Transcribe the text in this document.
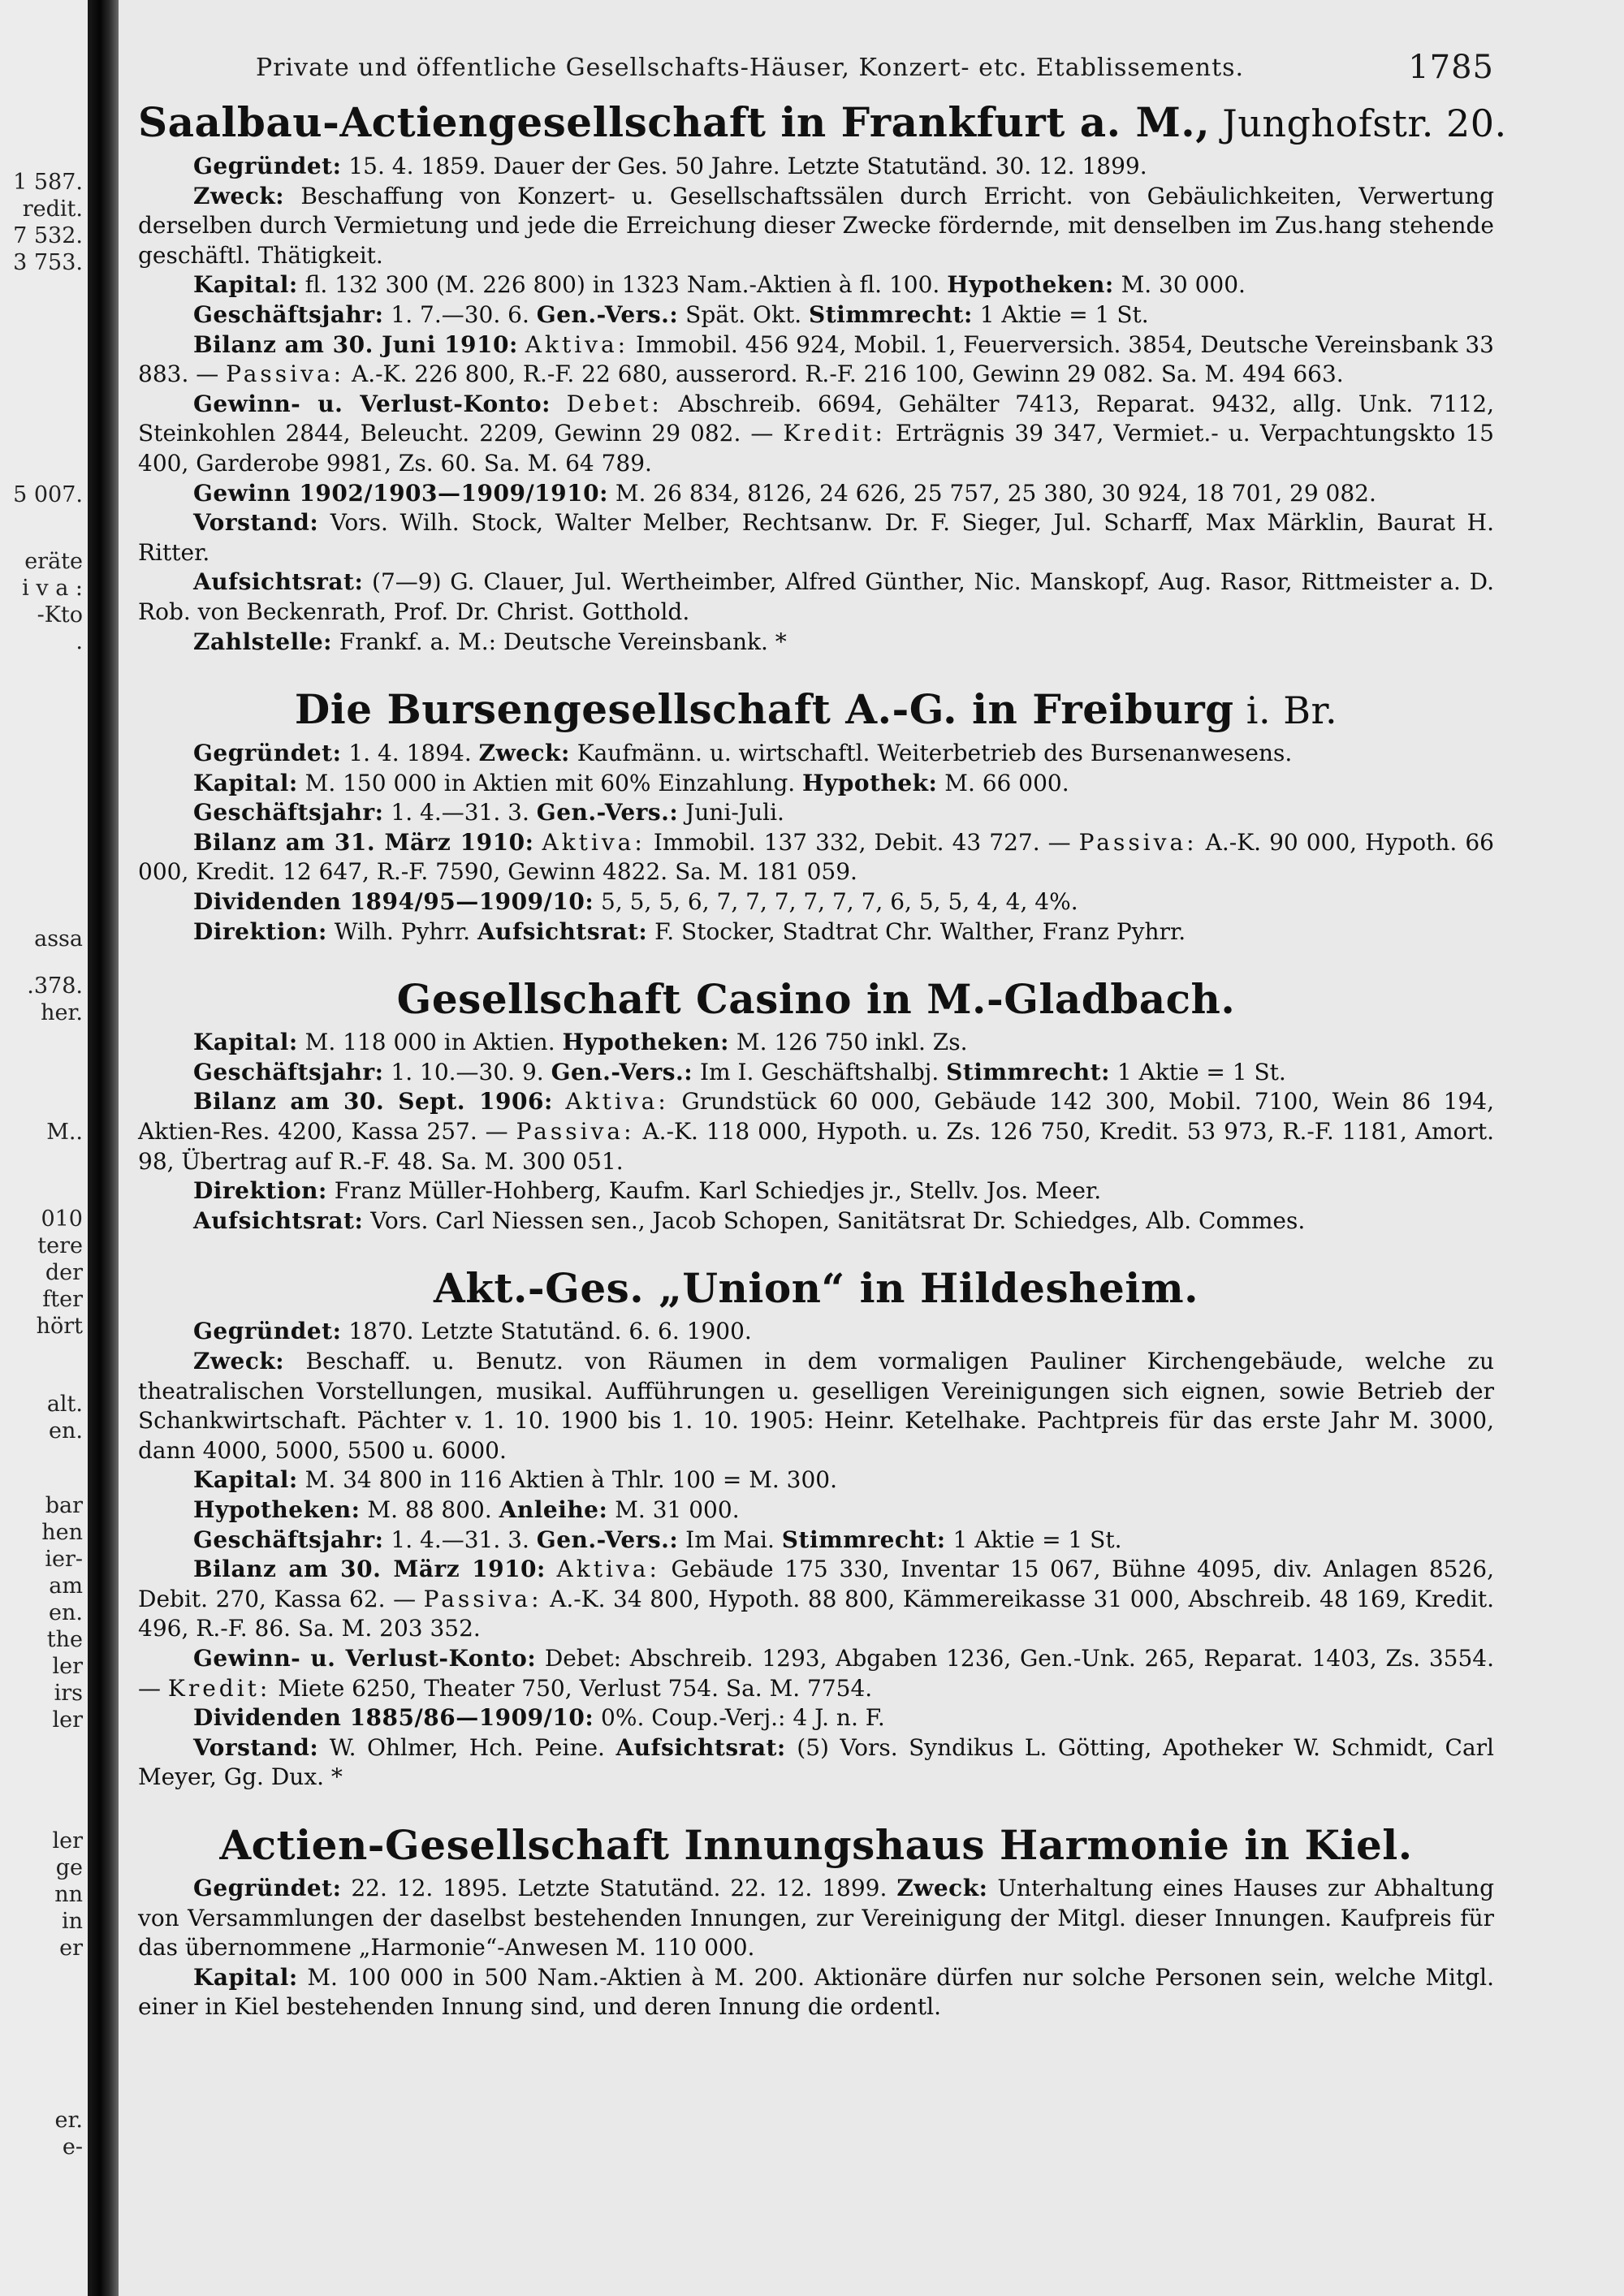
1 587.
redit.
7 532.
3 753.
5 007.
eräte
i v a :
-Kto
.
assa
.378.
her.
M..
010
tere
der
fter
hört
alt.
en.
bar
hen
ier-
am
en.
the
ler
irs
ler
ler
ge
nn
in
er
er.
e-
Private und öffentliche Gesellschafts-Häuser, Konzert- etc. Etablissements.	1785
Saalbau-Actiengesellschaft in Frankfurt a. M., Junghofstr. 20.

Gegründet: 15. 4. 1859. Dauer der Ges. 50 Jahre. Letzte Statutänd. 30. 12. 1899.

Zweck: Beschaffung von Konzert- u. Gesellschaftssälen durch Erricht. von Gebäulichkeiten, Verwertung derselben durch Vermietung und jede die Erreichung dieser Zwecke fördernde, mit denselben im Zus.hang stehende geschäftl. Thätigkeit.

Kapital: fl. 132 300 (M. 226 800) in 1323 Nam.-Aktien à fl. 100. Hypotheken: M. 30 000.

Geschäftsjahr: 1. 7.—30. 6. Gen.-Vers.: Spät. Okt. Stimmrecht: 1 Aktie = 1 St.

Bilanz am 30. Juni 1910: Aktiva: Immobil. 456 924, Mobil. 1, Feuerversich. 3854, Deutsche Vereinsbank 33 883. — Passiva: A.-K. 226 800, R.-F. 22 680, ausserord. R.-F. 216 100, Gewinn 29 082. Sa. M. 494 663.

Gewinn- u. Verlust-Konto: Debet: Abschreib. 6694, Gehälter 7413, Reparat. 9432, allg. Unk. 7112, Steinkohlen 2844, Beleucht. 2209, Gewinn 29 082. — Kredit: Erträgnis 39 347, Vermiet.- u. Verpachtungskto 15 400, Garderobe 9981, Zs. 60. Sa. M. 64 789.

Gewinn 1902/1903—1909/1910: M. 26 834, 8126, 24 626, 25 757, 25 380, 30 924, 18 701, 29 082.

Vorstand: Vors. Wilh. Stock, Walter Melber, Rechtsanw. Dr. F. Sieger, Jul. Scharff, Max Märklin, Baurat H. Ritter.

Aufsichtsrat: (7—9) G. Clauer, Jul. Wertheimber, Alfred Günther, Nic. Manskopf, Aug. Rasor, Rittmeister a. D. Rob. von Beckenrath, Prof. Dr. Christ. Gotthold.

Zahlstelle: Frankf. a. M.: Deutsche Vereinsbank. *

Die Bursengesellschaft A.-G. in Freiburg i. Br.

Gegründet: 1. 4. 1894. Zweck: Kaufmänn. u. wirtschaftl. Weiterbetrieb des Bursenanwesens.

Kapital: M. 150 000 in Aktien mit 60% Einzahlung. Hypothek: M. 66 000.

Geschäftsjahr: 1. 4.—31. 3. Gen.-Vers.: Juni-Juli.

Bilanz am 31. März 1910: Aktiva: Immobil. 137 332, Debit. 43 727. — Passiva: A.-K. 90 000, Hypoth. 66 000, Kredit. 12 647, R.-F. 7590, Gewinn 4822. Sa. M. 181 059.

Dividenden 1894/95—1909/10: 5, 5, 5, 6, 7, 7, 7, 7, 7, 7, 6, 5, 5, 4, 4, 4%.

Direktion: Wilh. Pyhrr. Aufsichtsrat: F. Stocker, Stadtrat Chr. Walther, Franz Pyhrr.

Gesellschaft Casino in M.-Gladbach.

Kapital: M. 118 000 in Aktien. Hypotheken: M. 126 750 inkl. Zs.

Geschäftsjahr: 1. 10.—30. 9. Gen.-Vers.: Im I. Geschäftshalbj. Stimmrecht: 1 Aktie = 1 St.

Bilanz am 30. Sept. 1906: Aktiva: Grundstück 60 000, Gebäude 142 300, Mobil. 7100, Wein 86 194, Aktien-Res. 4200, Kassa 257. — Passiva: A.-K. 118 000, Hypoth. u. Zs. 126 750, Kredit. 53 973, R.-F. 1181, Amort. 98, Übertrag auf R.-F. 48. Sa. M. 300 051.

Direktion: Franz Müller-Hohberg, Kaufm. Karl Schiedjes jr., Stellv. Jos. Meer.

Aufsichtsrat: Vors. Carl Niessen sen., Jacob Schopen, Sanitätsrat Dr. Schiedges, Alb. Commes.

Akt.-Ges. „Union“ in Hildesheim.

Gegründet: 1870. Letzte Statutänd. 6. 6. 1900.

Zweck: Beschaff. u. Benutz. von Räumen in dem vormaligen Pauliner Kirchengebäude, welche zu theatralischen Vorstellungen, musikal. Aufführungen u. geselligen Vereinigungen sich eignen, sowie Betrieb der Schankwirtschaft. Pächter v. 1. 10. 1900 bis 1. 10. 1905: Heinr. Ketelhake. Pachtpreis für das erste Jahr M. 3000, dann 4000, 5000, 5500 u. 6000.

Kapital: M. 34 800 in 116 Aktien à Thlr. 100 = M. 300.

Hypotheken: M. 88 800. Anleihe: M. 31 000.

Geschäftsjahr: 1. 4.—31. 3. Gen.-Vers.: Im Mai. Stimmrecht: 1 Aktie = 1 St.

Bilanz am 30. März 1910: Aktiva: Gebäude 175 330, Inventar 15 067, Bühne 4095, div. Anlagen 8526, Debit. 270, Kassa 62. — Passiva: A.-K. 34 800, Hypoth. 88 800, Kämmereikasse 31 000, Abschreib. 48 169, Kredit. 496, R.-F. 86. Sa. M. 203 352.

Gewinn- u. Verlust-Konto: Debet: Abschreib. 1293, Abgaben 1236, Gen.-Unk. 265, Reparat. 1403, Zs. 3554. — Kredit: Miete 6250, Theater 750, Verlust 754. Sa. M. 7754.

Dividenden 1885/86—1909/10: 0%. Coup.-Verj.: 4 J. n. F.

Vorstand: W. Ohlmer, Hch. Peine. Aufsichtsrat: (5) Vors. Syndikus L. Götting, Apotheker W. Schmidt, Carl Meyer, Gg. Dux. *

Actien-Gesellschaft Innungshaus Harmonie in Kiel.

Gegründet: 22. 12. 1895. Letzte Statutänd. 22. 12. 1899. Zweck: Unterhaltung eines Hauses zur Abhaltung von Versammlungen der daselbst bestehenden Innungen, zur Vereinigung der Mitgl. dieser Innungen. Kaufpreis für das übernommene „Harmonie“-Anwesen M. 110 000.

Kapital: M. 100 000 in 500 Nam.-Aktien à M. 200. Aktionäre dürfen nur solche Personen sein, welche Mitgl. einer in Kiel bestehenden Innung sind, und deren Innung die ordentl.
